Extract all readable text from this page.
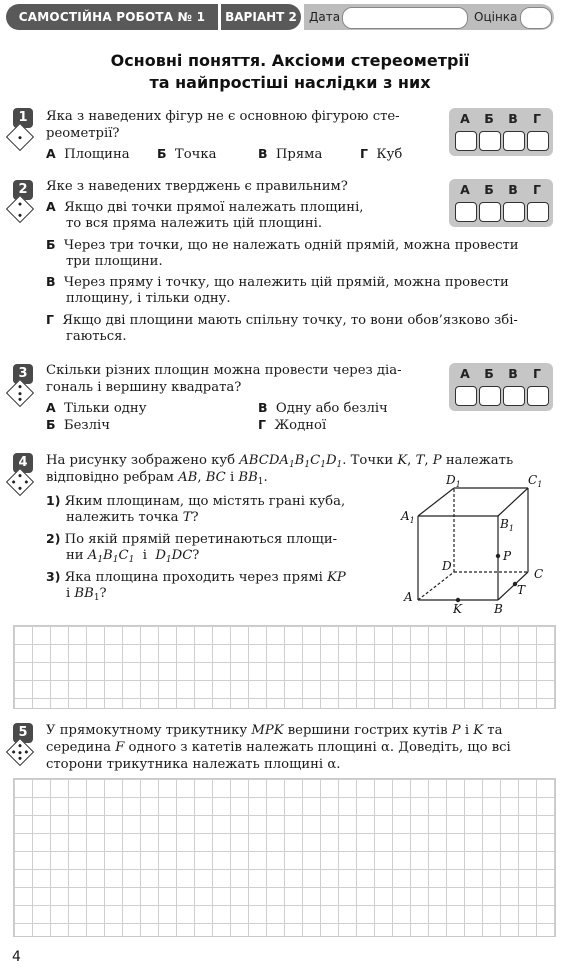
САМОСТІЙНА РОБОТА № 1	ВАРІАНТ 2	Дата	Оцінка
Основні поняття. Аксіоми стереометрії
та найпростіші наслідки з них
1	Яка з наведених фігур не є основною фігурою сте-
реометрії?
А Площина Б Точка	В Пряма	Г Куб
А	Б	В	Г
2	Яке з наведених тверджень є правильним?
А Якщо дві точки прямої належать площині,
то вся пряма належить цій площині.
Б Через три точки, що не належать одній прямій, можна провести
три площини.
В Через пряму і точку, що належить цій прямій, можна провести
площину, і тільки одну.
Г Якщо дві площини мають спільну точку, то вони обов’язково збі-
гаються.
А	Б	В	Г
3	Скільки різних площин можна провести через діа-
гональ і вершину квадрата?
А Тільки одну	В Одну або безліч
Б Безліч	Г Жодної
А	Б	В	Г
4	На рисунку зображено куб $ABCDA_1B_1C_1D_1$. Точки K, T, P належать
відповідно ребрам AB, BC і $BB_1$.
1) Яким площинам, що містять грані куба,
належить точка T?
2) По якій прямій перетинаються площи-
ни $A_1B_1C_1$ і $D_1DC$?
3) Яка площина проходить через прямі KP
і $BB_1$?
$D_1$	$C_1$
$A_1$	$B_1$
P
D
C
A
B
K
T
5	У прямокутному трикутнику MPK вершини гострих кутів P і K та
середина F одного з катетів належать площині α. Доведіть, що всі
сторони трикутника належать площині α.
4
